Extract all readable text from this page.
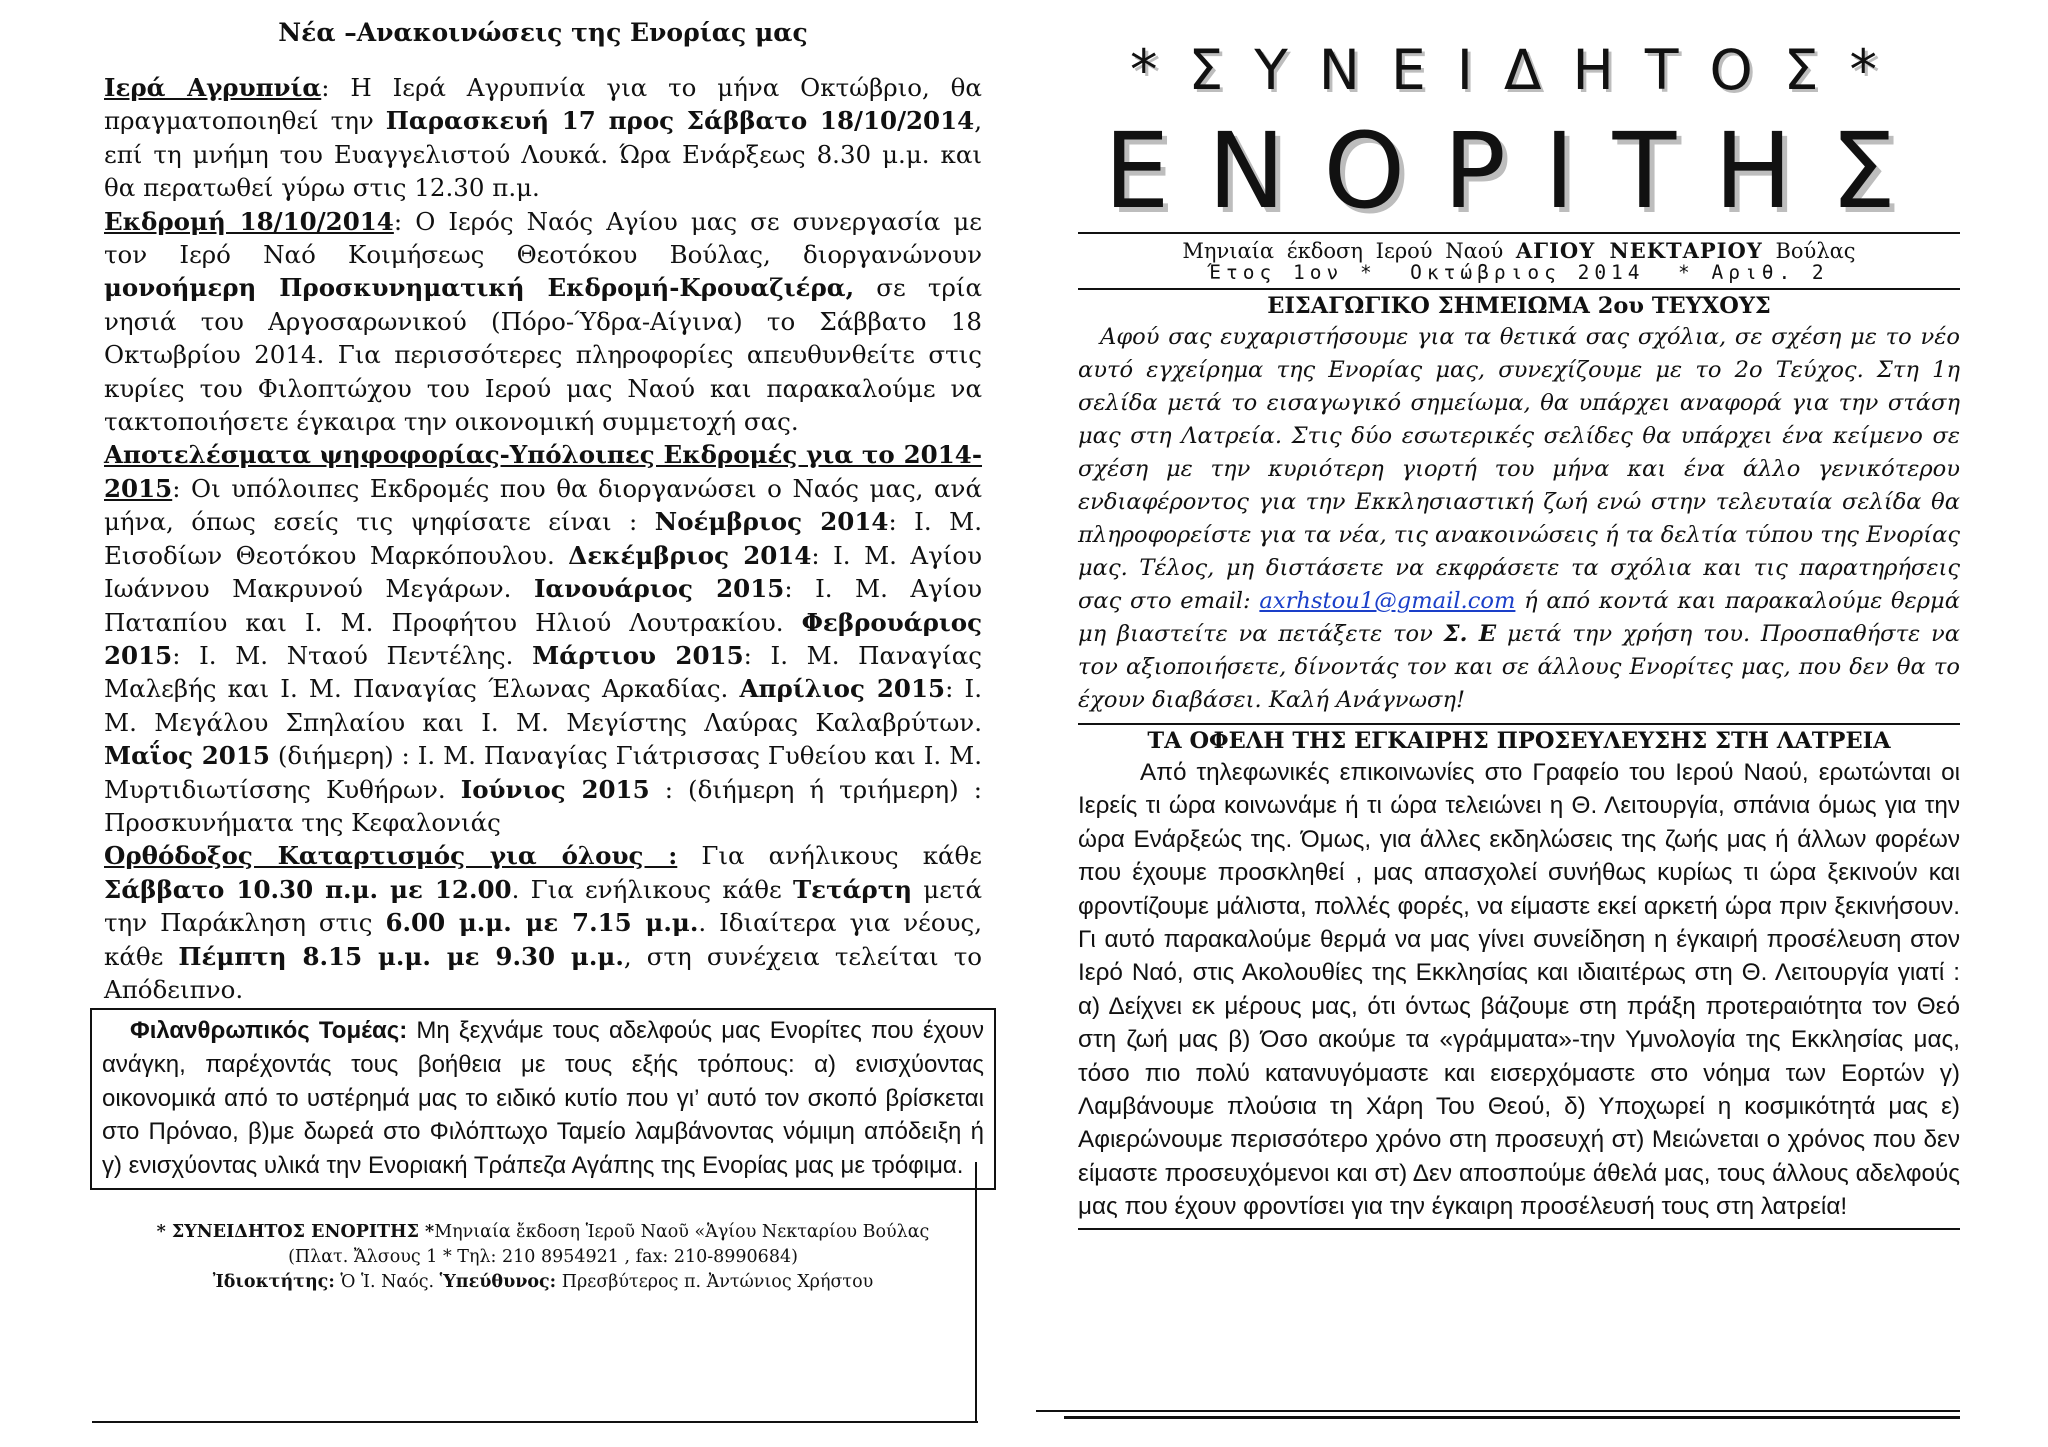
Νέα –Ανακοινώσεις της Ενορίας μας

Ιερά Αγρυπνία: Η Ιερά Αγρυπνία για το μήνα Οκτώβριο, θα πραγματοποιηθεί την Παρασκευή 17 προς Σάββατο 18/10/2014, επί τη μνήμη του Ευαγγελιστού Λουκά. Ώρα Ενάρξεως 8.30 μ.μ. και θα περατωθεί γύρω στις 12.30 π.μ.

Εκδρομή 18/10/2014: Ο Ιερός Ναός Αγίου μας σε συνεργασία με τον Ιερό Ναό Κοιμήσεως Θεοτόκου Βούλας, διοργανώνουν μονοήμερη Προσκυνηματική Εκδρομή-Κρουαζιέρα, σε τρία νησιά του Αργοσαρωνικού (Πόρο-Ύδρα-Αίγινα) το Σάββατο 18 Οκτωβρίου 2014. Για περισσότερες πληροφορίες απευθυνθείτε στις κυρίες του Φιλοπτώχου του Ιερού μας Ναού και παρακαλούμε να τακτοποιήσετε έγκαιρα την οικονομική συμμετοχή σας.

Αποτελέσματα ψηφοφορίας-Υπόλοιπες Εκδρομές για το 2014-2015: Οι υπόλοιπες Εκδρομές που θα διοργανώσει ο Ναός μας, ανά μήνα, όπως εσείς τις ψηφίσατε είναι : Νοέμβριος 2014: Ι. Μ. Εισοδίων Θεοτόκου Μαρκόπουλου. Δεκέμβριος 2014: Ι. Μ. Αγίου Ιωάννου Μακρυνού Μεγάρων. Ιανουάριος 2015: Ι. Μ. Αγίου Παταπίου και Ι. Μ. Προφήτου Ηλιού Λουτρακίου. Φεβρουάριος 2015: Ι. Μ. Νταού Πεντέλης. Μάρτιου 2015: Ι. Μ. Παναγίας Μαλεβής και Ι. Μ. Παναγίας Έλωνας Αρκαδίας. Απρίλιος 2015: Ι. Μ. Μεγάλου Σπηλαίου και Ι. Μ. Μεγίστης Λαύρας Καλαβρύτων. Μαΐος 2015 (διήμερη) : Ι. Μ. Παναγίας Γιάτρισσας Γυθείου και Ι. Μ. Μυρτιδιωτίσσης Κυθήρων. Ιούνιος 2015 : (διήμερη ή τριήμερη) : Προσκυνήματα της Κεφαλονιάς

Ορθόδοξος Καταρτισμός για όλους : Για ανήλικους κάθε Σάββατο 10.30 π.μ. με 12.00. Για ενήλικους κάθε Τετάρτη μετά την Παράκληση στις 6.00 μ.μ. με 7.15 μ.μ.. Ιδιαίτερα για νέους, κάθε Πέμπτη 8.15 μ.μ. με 9.30 μ.μ., στη συνέχεια τελείται το Απόδειπνο.

Φιλανθρωπικός Τομέας: Μη ξεχνάμε τους αδελφούς μας Ενορίτες που έχουν ανάγκη, παρέχοντάς τους βοήθεια με τους εξής τρόπους: α) ενισχύοντας οικονομικά από το υστέρημά μας το ειδικό κυτίο που γι’ αυτό τον σκοπό βρίσκεται στο Πρόναο, β)με δωρεά στο Φιλόπτωχο Ταμείο λαμβάνοντας νόμιμη απόδειξη ή γ) ενισχύοντας υλικά την Ενοριακή Τράπεζα Αγάπης της Ενορίας μας με τρόφιμα.

* ΣΥΝΕΙΔΗΤΟΣ ΕΝΟΡΙΤΗΣ *Μηνιαία ἔκδοση Ἱεροῦ Ναοῦ «Ἁγίου Νεκταρίου Βούλας
(Πλατ. Ἄλσους 1 * Τηλ: 210 8954921 , fax: 210-8990684)
Ἰδιοκτήτης: Ὁ Ἱ. Ναός. Ὑπεύθυνος: Πρεσβύτερος π. Ἀντώνιος Χρήστου
*ΣΥΝΕΙΔΗΤΟΣ*
ΕΝΟΡΙΤΗΣ
Μηνιαία έκδοση Ιερού Ναού ΑΓΙΟΥ ΝΕΚΤΑΡΙΟΥ Βούλας
Έτος 1ον *  Οκτώβριος 2014  * Αριθ. 2
ΕΙΣΑΓΩΓΙΚΟ ΣΗΜΕΙΩΜΑ 2ου ΤΕΥΧΟΥΣ

Αφού σας ευχαριστήσουμε για τα θετικά σας σχόλια, σε σχέση με το νέο αυτό εγχείρημα της Ενορίας μας, συνεχίζουμε με το 2ο Τεύχος. Στη 1η σελίδα μετά το εισαγωγικό σημείωμα, θα υπάρχει αναφορά για την στάση μας στη Λατρεία. Στις δύο εσωτερικές σελίδες θα υπάρχει ένα κείμενο σε σχέση με την κυριότερη γιορτή του μήνα και ένα άλλο γενικότερου ενδιαφέροντος για την Εκκλησιαστική ζωή ενώ στην τελευταία σελίδα θα πληροφορείστε για τα νέα, τις ανακοινώσεις ή τα δελτία τύπου της Ενορίας μας. Τέλος, μη διστάσετε να εκφράσετε τα σχόλια και τις παρατηρήσεις σας στο email: axrhstou1@gmail.com ή από κοντά και παρακαλούμε θερμά μη βιαστείτε να πετάξετε τον Σ. Ε μετά την χρήση του. Προσπαθήστε να τον αξιοποιήσετε, δίνοντάς τον και σε άλλους Ενορίτες μας, που δεν θα το έχουν διαβάσει. Καλή Ανάγνωση!

ΤΑ ΟΦΕΛΗ ΤΗΣ ΕΓΚΑΙΡΗΣ ΠΡΟΣΕΥΛΕΥΣΗΣ ΣΤΗ ΛΑΤΡΕΙΑ

Από τηλεφωνικές επικοινωνίες στο Γραφείο του Ιερού Ναού, ερωτώνται οι Ιερείς τι ώρα κοινωνάμε ή τι ώρα τελειώνει η Θ. Λειτουργία, σπάνια όμως για την ώρα Ενάρξεώς της. Όμως, για άλλες εκδηλώσεις της ζωής μας ή άλλων φορέων που έχουμε προσκληθεί , μας απασχολεί συνήθως κυρίως τι ώρα ξεκινούν και φροντίζουμε μάλιστα, πολλές φορές, να είμαστε εκεί αρκετή ώρα πριν ξεκινήσουν. Γι αυτό παρακαλούμε θερμά να μας γίνει συνείδηση η έγκαιρή προσέλευση στον Ιερό Ναό, στις Ακολουθίες της Εκκλησίας και ιδιαιτέρως στη Θ. Λειτουργία γιατί : α) Δείχνει εκ μέρους μας, ότι όντως βάζουμε στη πράξη προτεραιότητα τον Θεό στη ζωή μας β) Όσο ακούμε τα «γράμματα»-την Υμνολογία της Εκκλησίας μας, τόσο πιο πολύ κατανυγόμαστε και εισερχόμαστε στο νόημα των Εορτών γ) Λαμβάνουμε πλούσια τη Χάρη Του Θεού, δ) Υποχωρεί η κοσμικότητά μας ε) Αφιερώνουμε περισσότερο χρόνο στη προσευχή στ) Μειώνεται ο χρόνος που δεν είμαστε προσευχόμενοι και στ) Δεν αποσπούμε άθελά μας, τους άλλους αδελφούς μας που έχουν φροντίσει για την έγκαιρη προσέλευσή τους στη λατρεία!
